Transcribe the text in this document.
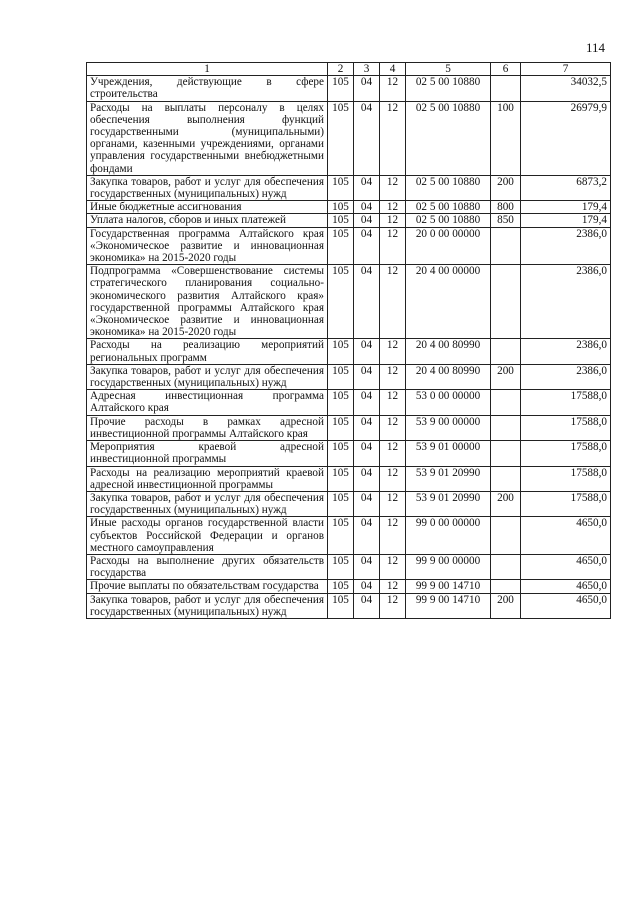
114
1	2	3	4	5	6	7
Учреждения, действующие в сфере строительства	105	04	12	02 5 00 10880		34032,5
Расходы на выплаты персоналу в целях обеспечения выполнения функций государственными (муниципальными) органами, казенными учреждениями, органами управления государственными внебюджетными фондами	105	04	12	02 5 00 10880	100	26979,9
Закупка товаров, работ и услуг для обеспечения государственных (муниципальных) нужд	105	04	12	02 5 00 10880	200	6873,2
Иные бюджетные ассигнования	105	04	12	02 5 00 10880	800	179,4
Уплата налогов, сборов и иных платежей	105	04	12	02 5 00 10880	850	179,4
Государственная программа Алтайского края «Экономическое развитие и инновационная экономика» на 2015-2020 годы	105	04	12	20 0 00 00000		2386,0
Подпрограмма «Совершенствование системы стратегического планирования социально-экономического развития Алтайского края» государственной программы Алтайского края «Экономическое развитие и инновационная экономика» на 2015-2020 годы	105	04	12	20 4 00 00000		2386,0
Расходы на реализацию мероприятий региональных программ	105	04	12	20 4 00 80990		2386,0
Закупка товаров, работ и услуг для обеспечения государственных (муниципальных) нужд	105	04	12	20 4 00 80990	200	2386,0
Адресная инвестиционная программа Алтайского края	105	04	12	53 0 00 00000		17588,0
Прочие расходы в рамках адресной инвестиционной программы Алтайского края	105	04	12	53 9 00 00000		17588,0
Мероприятия краевой адресной инвестиционной программы	105	04	12	53 9 01 00000		17588,0
Расходы на реализацию мероприятий краевой адресной инвестиционной программы	105	04	12	53 9 01 20990		17588,0
Закупка товаров, работ и услуг для обеспечения государственных (муниципальных) нужд	105	04	12	53 9 01 20990	200	17588,0
Иные расходы органов государственной власти субъектов Российской Федерации и органов местного самоуправления	105	04	12	99 0 00 00000		4650,0
Расходы на выполнение других обязательств государства	105	04	12	99 9 00 00000		4650,0
Прочие выплаты по обязательствам государства	105	04	12	99 9 00 14710		4650,0
Закупка товаров, работ и услуг для обеспечения государственных (муниципальных) нужд	105	04	12	99 9 00 14710	200	4650,0
